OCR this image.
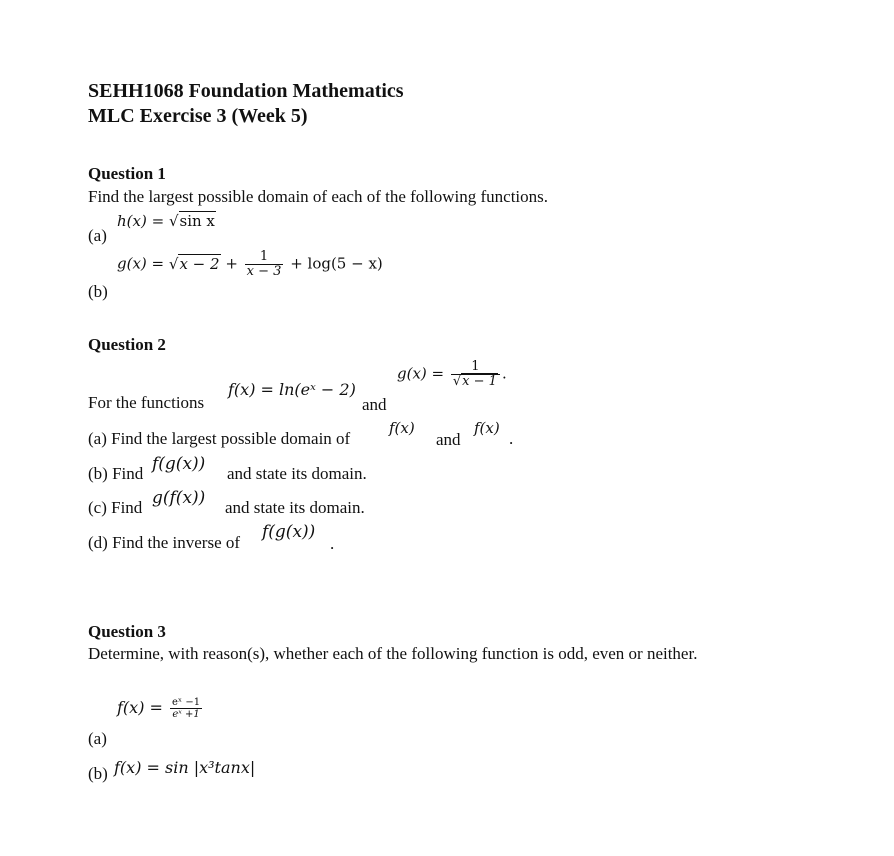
SEHH1068 Foundation Mathematics
MLC Exercise 3 (Week 5)
Question 1
Find the largest possible domain of each of the following functions.
(a)
h(x) = √sin x
(b)
$g(x) = √x - 2 + \frac{1}{x - 3} + \log(5 - x)$
Question 2
For the functions
f(x) = ln(eˣ − 2)
and
$g(x) = \frac{1}{√x - 1}$ .
(a) Find the largest possible domain of
f(x)
and
f(x)
.
(b) Find f(g(x)) and state its domain.
(c) Find g(f(x)) and state its domain.
(d) Find the inverse of
f(g(x))
.
Question 3
Determine, with reason(s), whether each of the following function is odd, even or neither.
$f(x) = \frac{\text{eˣ −1}}{\text{eˣ +1}}$
(a)
(b) f(x) = sin |x³tanx|
